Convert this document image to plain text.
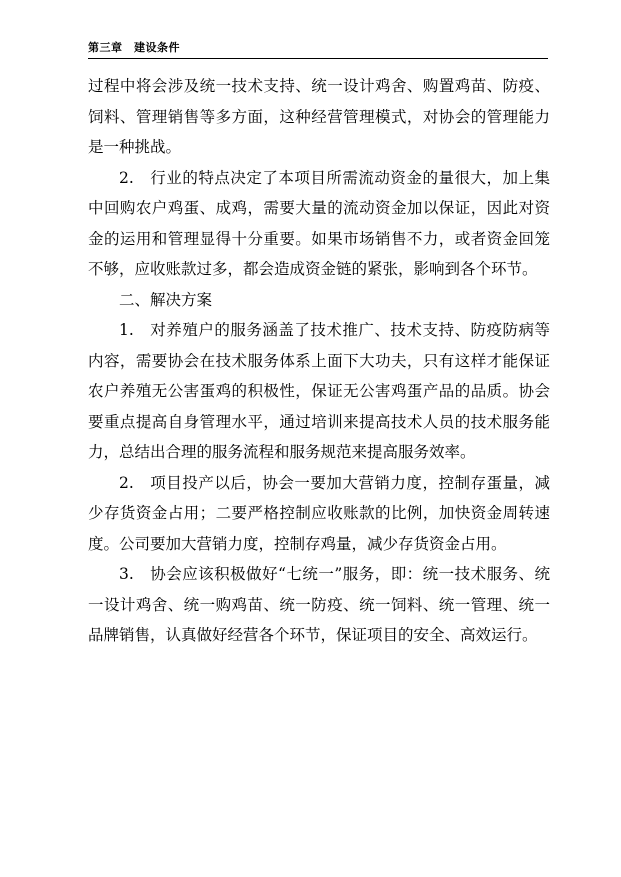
第三章　建设条件

过程中将会涉及统一技术支持、统一设计鸡舍、购置鸡苗、防疫、饲料、管理销售等多方面，这种经营管理模式，对协会的管理能力是一种挑战。

2.　行业的特点决定了本项目所需流动资金的量很大，加上集中回购农户鸡蛋、成鸡，需要大量的流动资金加以保证，因此对资金的运用和管理显得十分重要。如果市场销售不力，或者资金回笼不够，应收账款过多，都会造成资金链的紧张，影响到各个环节。

二、解决方案

1.　对养殖户的服务涵盖了技术推广、技术支持、防疫防病等内容，需要协会在技术服务体系上面下大功夫，只有这样才能保证农户养殖无公害蛋鸡的积极性，保证无公害鸡蛋产品的品质。协会要重点提高自身管理水平，通过培训来提高技术人员的技术服务能力，总结出合理的服务流程和服务规范来提高服务效率。

2.　项目投产以后，协会一要加大营销力度，控制存蛋量，减少存货资金占用；二要严格控制应收账款的比例，加快资金周转速度。公司要加大营销力度，控制存鸡量，减少存货资金占用。

3.　协会应该积极做好“七统一”服务，即：统一技术服务、统一设计鸡舍、统一购鸡苗、统一防疫、统一饲料、统一管理、统一品牌销售，认真做好经营各个环节，保证项目的安全、高效运行。
